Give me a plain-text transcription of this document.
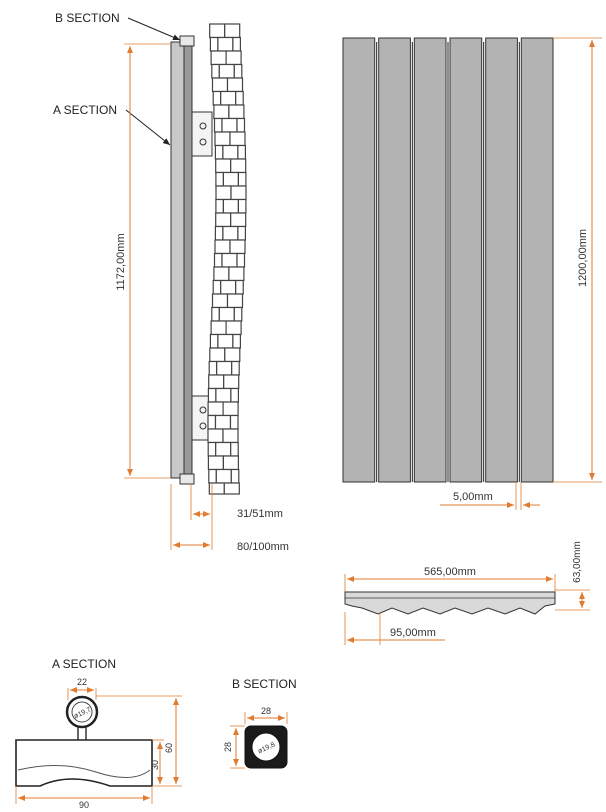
B SECTION
A SECTION
1172,00mm
31/51mm
80/100mm
1200,00mm
5,00mm
565,00mm	63,00mm
95,00mm
A SECTION
22
ø19,7
60
30
90
B SECTION
28
ø19,8
28
